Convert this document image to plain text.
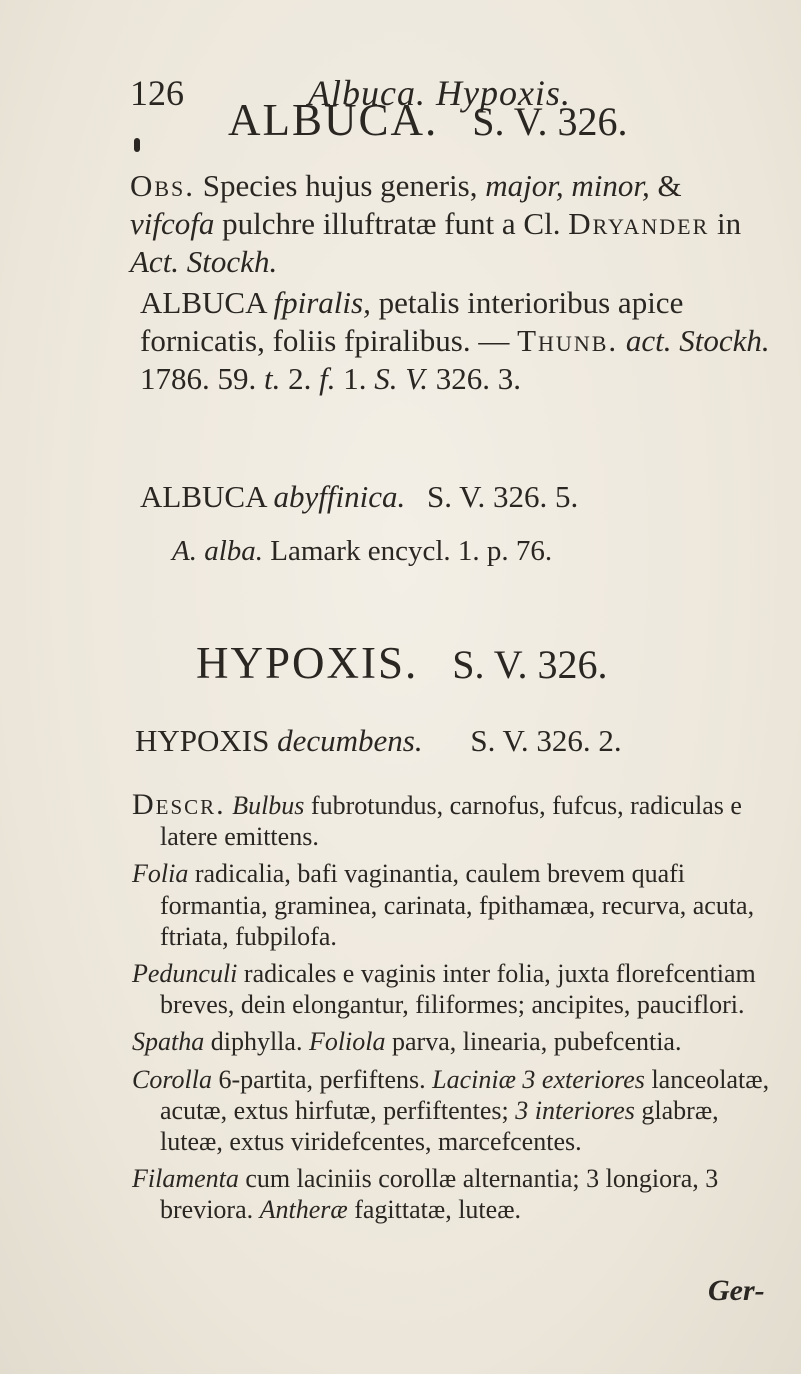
126	Albuca. Hypoxis.
ALBUCA. S. V. 326.
Obs. Species hujus generis, major, minor, & vifcofa pulchre illuftratæ funt a Cl. Dryander in Act. Stockh.
ALBUCA fpiralis, petalis interioribus apice fornicatis, foliis fpiralibus. — Thunb. act. Stockh. 1786. 59. t. 2. f. 1. S. V. 326. 3.
ALBUCA abyffinica. S. V. 326. 5.
A. alba. Lamark encycl. 1. p. 76.
HYPOXIS. S. V. 326.
HYPOXIS decumbens. S. V. 326. 2.

Descr. Bulbus fubrotundus, carnofus, fufcus, radiculas e latere emittens.

Folia radicalia, bafi vaginantia, caulem brevem quafi formantia, graminea, carinata, fpithamæa, recurva, acuta, ftriata, fubpilofa.

Pedunculi radicales e vaginis inter folia, juxta florefcentiam breves, dein elongantur, filiformes; ancipites, pauciflori.

Spatha diphylla. Foliola parva, linearia, pubefcentia.

Corolla 6-partita, perfiftens. Laciniæ 3 exteriores lanceolatæ, acutæ, extus hirfutæ, perfiftentes; 3 interiores glabræ, luteæ, extus viridefcentes, marcefcentes.

Filamenta cum laciniis corollæ alternantia; 3 longiora, 3 breviora. Antheræ fagittatæ, luteæ.

Ger-
